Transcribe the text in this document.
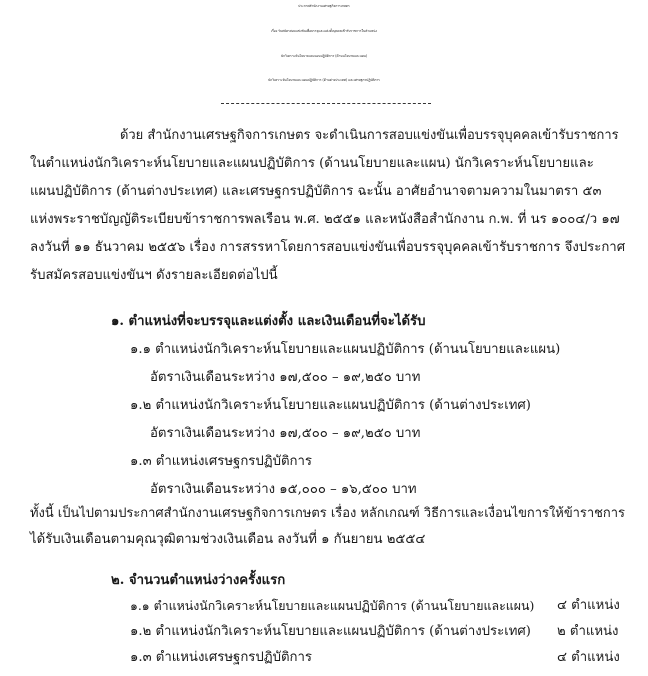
ประกาศสำนักงานเศรษฐกิจการเกษตร
เรื่อง รับสมัครสอบแข่งขันเพื่อบรรจุและแต่งตั้งบุคคลเข้ารับราชการในตำแหน่ง
นักวิเคราะห์นโยบายและแผนปฏิบัติการ (ด้านนโยบายและแผน)
นักวิเคราะห์นโยบายและแผนปฏิบัติการ (ด้านต่างประเทศ) และเศรษฐกรปฏิบัติการ
ด้วย สำนักงานเศรษฐกิจการเกษตร จะดำเนินการสอบแข่งขันเพื่อบรรจุบุคคลเข้ารับราชการ
ในตำแหน่งนักวิเคราะห์นโยบายและแผนปฏิบัติการ (ด้านนโยบายและแผน) นักวิเคราะห์นโยบายและ
แผนปฏิบัติการ (ด้านต่างประเทศ) และเศรษฐกรปฏิบัติการ ฉะนั้น อาศัยอำนาจตามความในมาตรา ๕๓
แห่งพระราชบัญญัติระเบียบข้าราชการพลเรือน พ.ศ. ๒๕๕๑ และหนังสือสำนักงาน ก.พ. ที่ นร ๑๐๐๔/ว ๑๗
ลงวันที่ ๑๑ ธันวาคม ๒๕๕๖ เรื่อง การสรรหาโดยการสอบแข่งขันเพื่อบรรจุบุคคลเข้ารับราชการ จึงประกาศ
รับสมัครสอบแข่งขันฯ ดังรายละเอียดต่อไปนี้
๑. ตำแหน่งที่จะบรรจุและแต่งตั้ง และเงินเดือนที่จะได้รับ
๑.๑ ตำแหน่งนักวิเคราะห์นโยบายและแผนปฏิบัติการ (ด้านนโยบายและแผน)
อัตราเงินเดือนระหว่าง ๑๗,๕๐๐ – ๑๙,๒๕๐ บาท
๑.๒ ตำแหน่งนักวิเคราะห์นโยบายและแผนปฏิบัติการ (ด้านต่างประเทศ)
อัตราเงินเดือนระหว่าง ๑๗,๕๐๐ – ๑๙,๒๕๐ บาท
๑.๓ ตำแหน่งเศรษฐกรปฏิบัติการ
อัตราเงินเดือนระหว่าง ๑๕,๐๐๐ – ๑๖,๕๐๐ บาท
ทั้งนี้ เป็นไปตามประกาศสำนักงานเศรษฐกิจการเกษตร เรื่อง หลักเกณฑ์ วิธีการและเงื่อนไขการให้ข้าราชการ
ได้รับเงินเดือนตามคุณวุฒิตามช่วงเงินเดือน ลงวันที่ ๑ กันยายน ๒๕๕๔
๒. จำนวนตำแหน่งว่างครั้งแรก
๑.๑ ตำแหน่งนักวิเคราะห์นโยบายและแผนปฏิบัติการ (ด้านนโยบายและแผน) ๔ ตำแหน่ง
๑.๒ ตำแหน่งนักวิเคราะห์นโยบายและแผนปฏิบัติการ (ด้านต่างประเทศ) ๒ ตำแหน่ง
๑.๓ ตำแหน่งเศรษฐกรปฏิบัติการ	๔ ตำแหน่ง
